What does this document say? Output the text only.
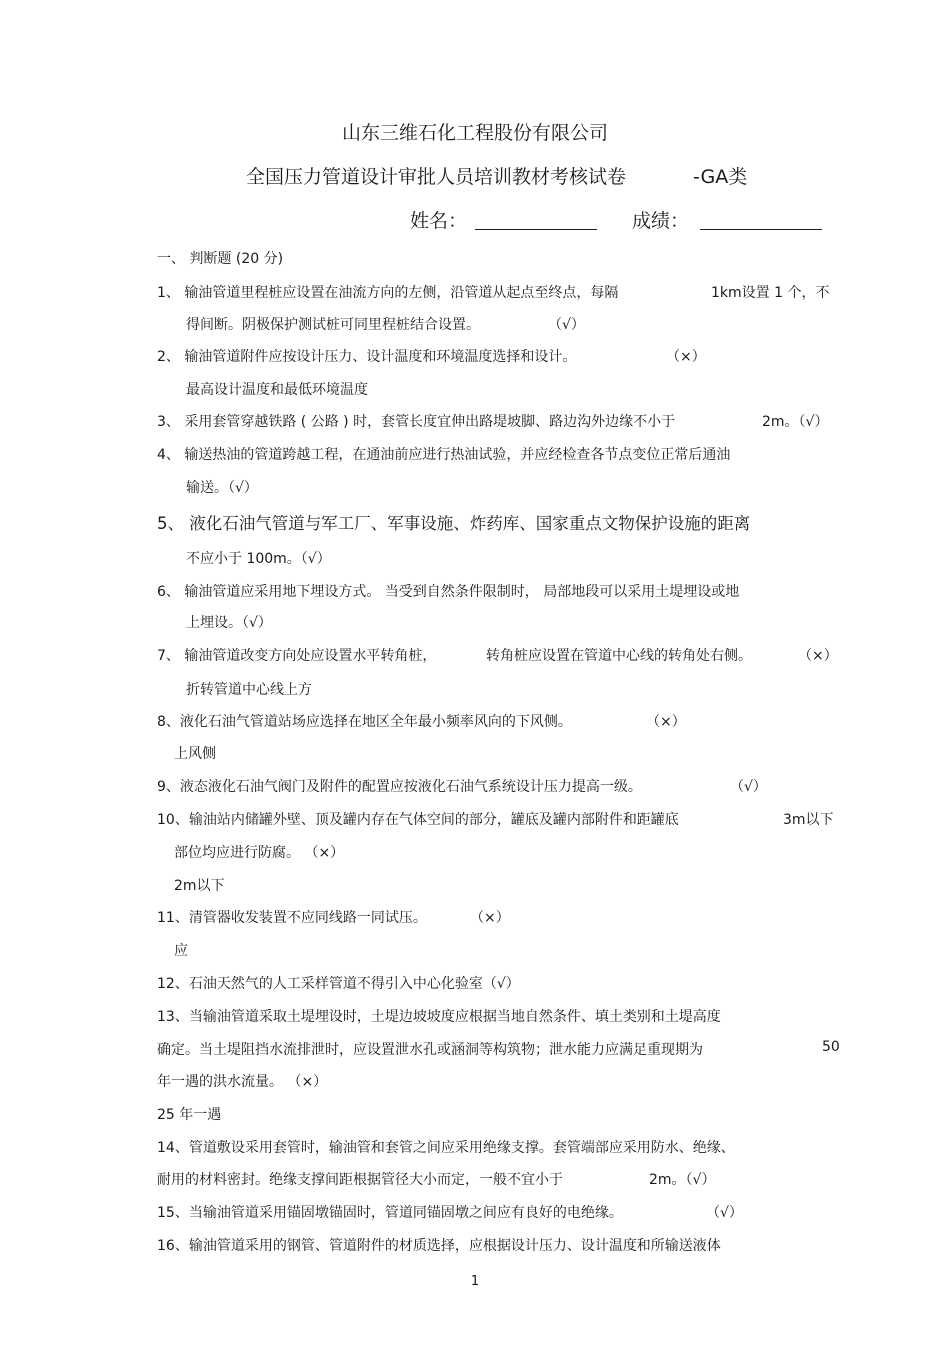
山东三维石化工程股份有限公司
全国压力管道设计审批人员培训教材考核试卷	-GA类
姓名：	成绩：
一、 判断题 (20 分)
1、 输油管道里程桩应设置在油流方向的左侧，沿管道从起点至终点，每隔	1km设置 1 个，不
得间断。阴极保护测试桩可同里程桩结合设置。	（√）
2、 输油管道附件应按设计压力、设计温度和环境温度选择和设计。	（×）
最高设计温度和最低环境温度
3、 采用套管穿越铁路 ( 公路 ) 时，套管长度宜伸出路堤坡脚、路边沟外边缘不小于	2m。（√）
4、 输送热油的管道跨越工程，在通油前应进行热油试验，并应经检查各节点变位正常后通油
输送。（√）
5、 液化石油气管道与军工厂、军事设施、炸药库、国家重点文物保护设施的距离
不应小于 100m。（√）
6、 输油管道应采用地下埋设方式。 当受到自然条件限制时， 局部地段可以采用土堤埋设或地
上埋设。（√）
7、 输油管道改变方向处应设置水平转角桩，	转角桩应设置在管道中心线的转角处右侧。	（×）
折转管道中心线上方
8、液化石油气管道站场应选择在地区全年最小频率风向的下风侧。	（×）
上风侧
9、液态液化石油气阀门及附件的配置应按液化石油气系统设计压力提高一级。	（√）
10、输油站内储罐外壁、顶及罐内存在气体空间的部分，罐底及罐内部附件和距罐底	3m以下
部位均应进行防腐。 （×）
2m以下
11、清管器收发装置不应同线路一同试压。	（×）
应
12、石油天然气的人工采样管道不得引入中心化验室（√）
13、当输油管道采取土堤埋设时，土堤边坡坡度应根据当地自然条件、填土类别和土堤高度
确定。当土堤阻挡水流排泄时，应设置泄水孔或涵洞等构筑物；泄水能力应满足重现期为	50
年一遇的洪水流量。 （×）
25 年一遇
14、管道敷设采用套管时，输油管和套管之间应采用绝缘支撑。套管端部应采用防水、绝缘、
耐用的材料密封。绝缘支撑间距根据管径大小而定，一般不宜小于	2m。（√）
15、当输油管道采用锚固墩锚固时，管道同锚固墩之间应有良好的电绝缘。	（√）
16、输油管道采用的钢管、管道附件的材质选择，应根据设计压力、设计温度和所输送液体
1
